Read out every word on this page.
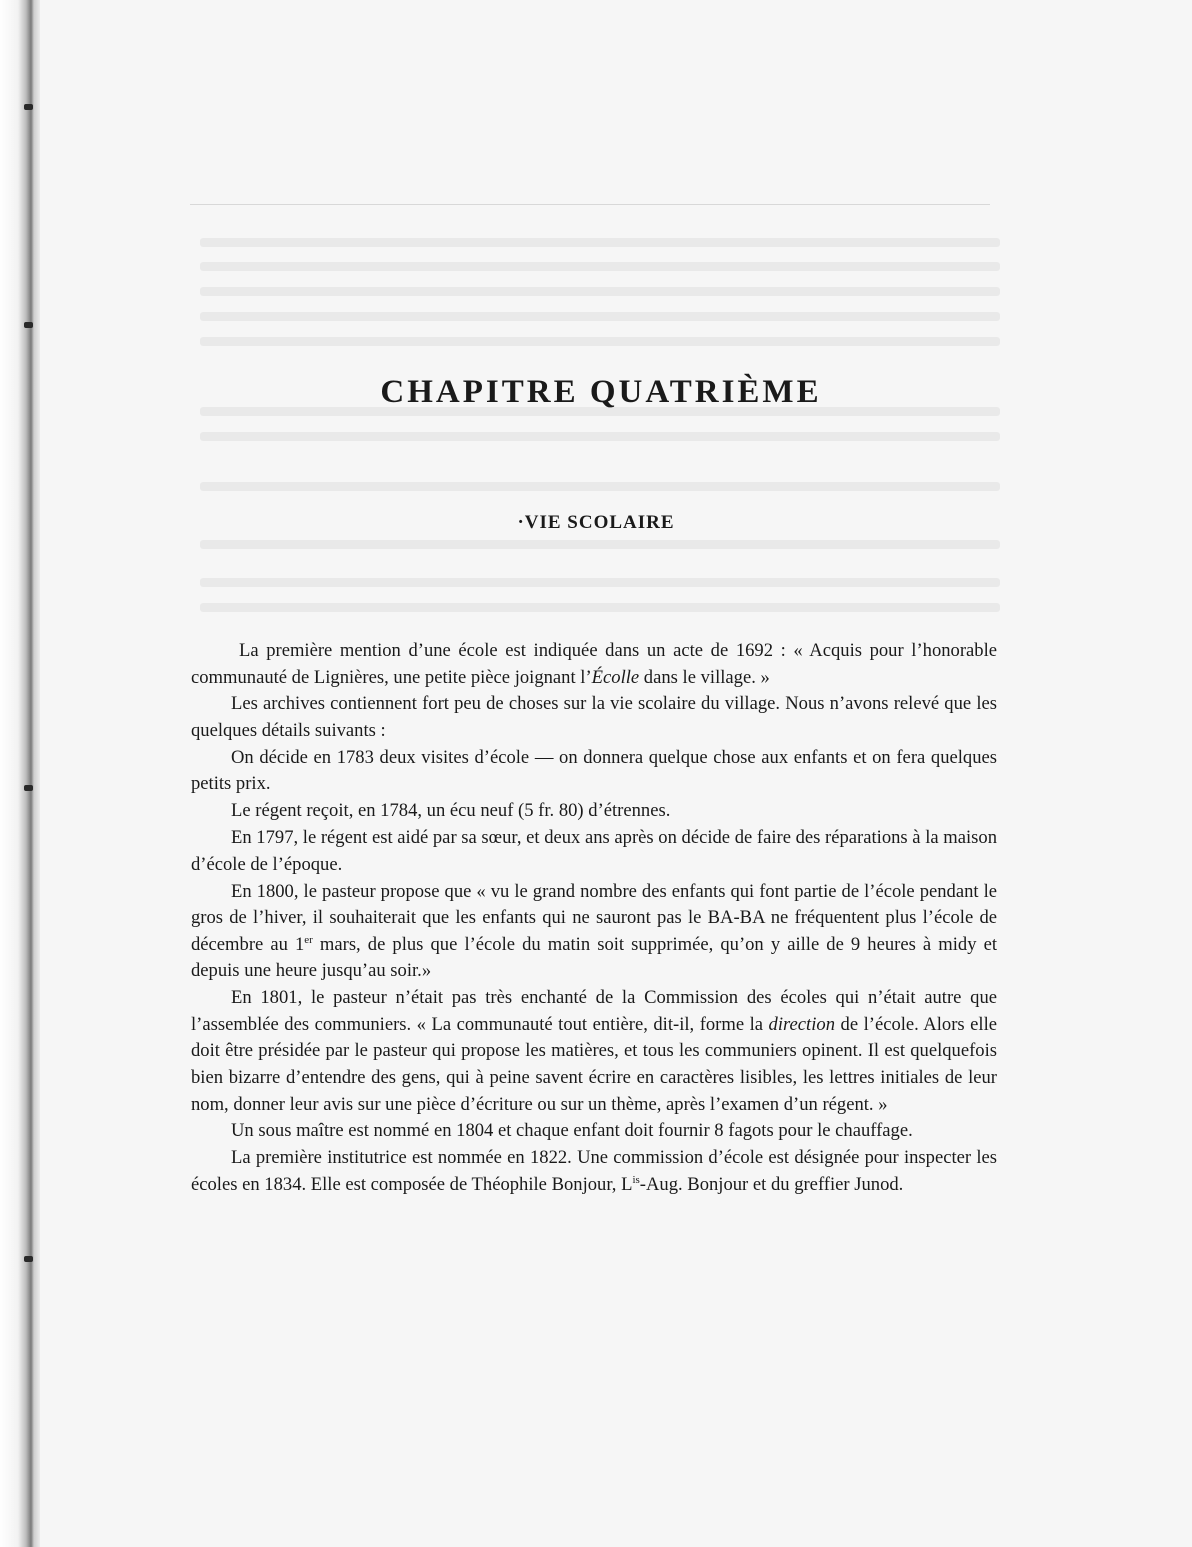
CHAPITRE QUATRIÈME
·VIE SCOLAIRE

La première mention d’une école est indiquée dans un acte de 1692 : « Acquis pour l’honorable communauté de Lignières, une petite pièce joignant l’Écolle dans le village. »

Les archives contiennent fort peu de choses sur la vie scolaire du village. Nous n’avons relevé que les quelques détails suivants :

On décide en 1783 deux visites d’école — on donnera quelque chose aux enfants et on fera quelques petits prix.

Le régent reçoit, en 1784, un écu neuf (5 fr. 80) d’étrennes.

En 1797, le régent est aidé par sa sœur, et deux ans après on décide de faire des réparations à la maison d’école de l’époque.

En 1800, le pasteur propose que « vu le grand nombre des enfants qui font partie de l’école pendant le gros de l’hiver, il souhaiterait que les enfants qui ne sauront pas le BA-BA ne fréquentent plus l’école de décembre au 1er mars, de plus que l’école du matin soit supprimée, qu’on y aille de 9 heures à midy et depuis une heure jusqu’au soir.»

En 1801, le pasteur n’était pas très enchanté de la Commission des écoles qui n’était autre que l’assemblée des communiers. « La communauté tout entière, dit-il, forme la direction de l’école. Alors elle doit être présidée par le pasteur qui propose les matières, et tous les communiers opinent. Il est quelquefois bien bizarre d’entendre des gens, qui à peine savent écrire en caractères lisibles, les lettres initiales de leur nom, donner leur avis sur une pièce d’écriture ou sur un thème, après l’examen d’un régent. »

Un sous maître est nommé en 1804 et chaque enfant doit fournir 8 fagots pour le chauffage.

La première institutrice est nommée en 1822. Une commission d’école est désignée pour inspecter les écoles en 1834. Elle est composée de Théophile Bonjour, $L^{is}$-Aug. Bonjour et du greffier Junod.
